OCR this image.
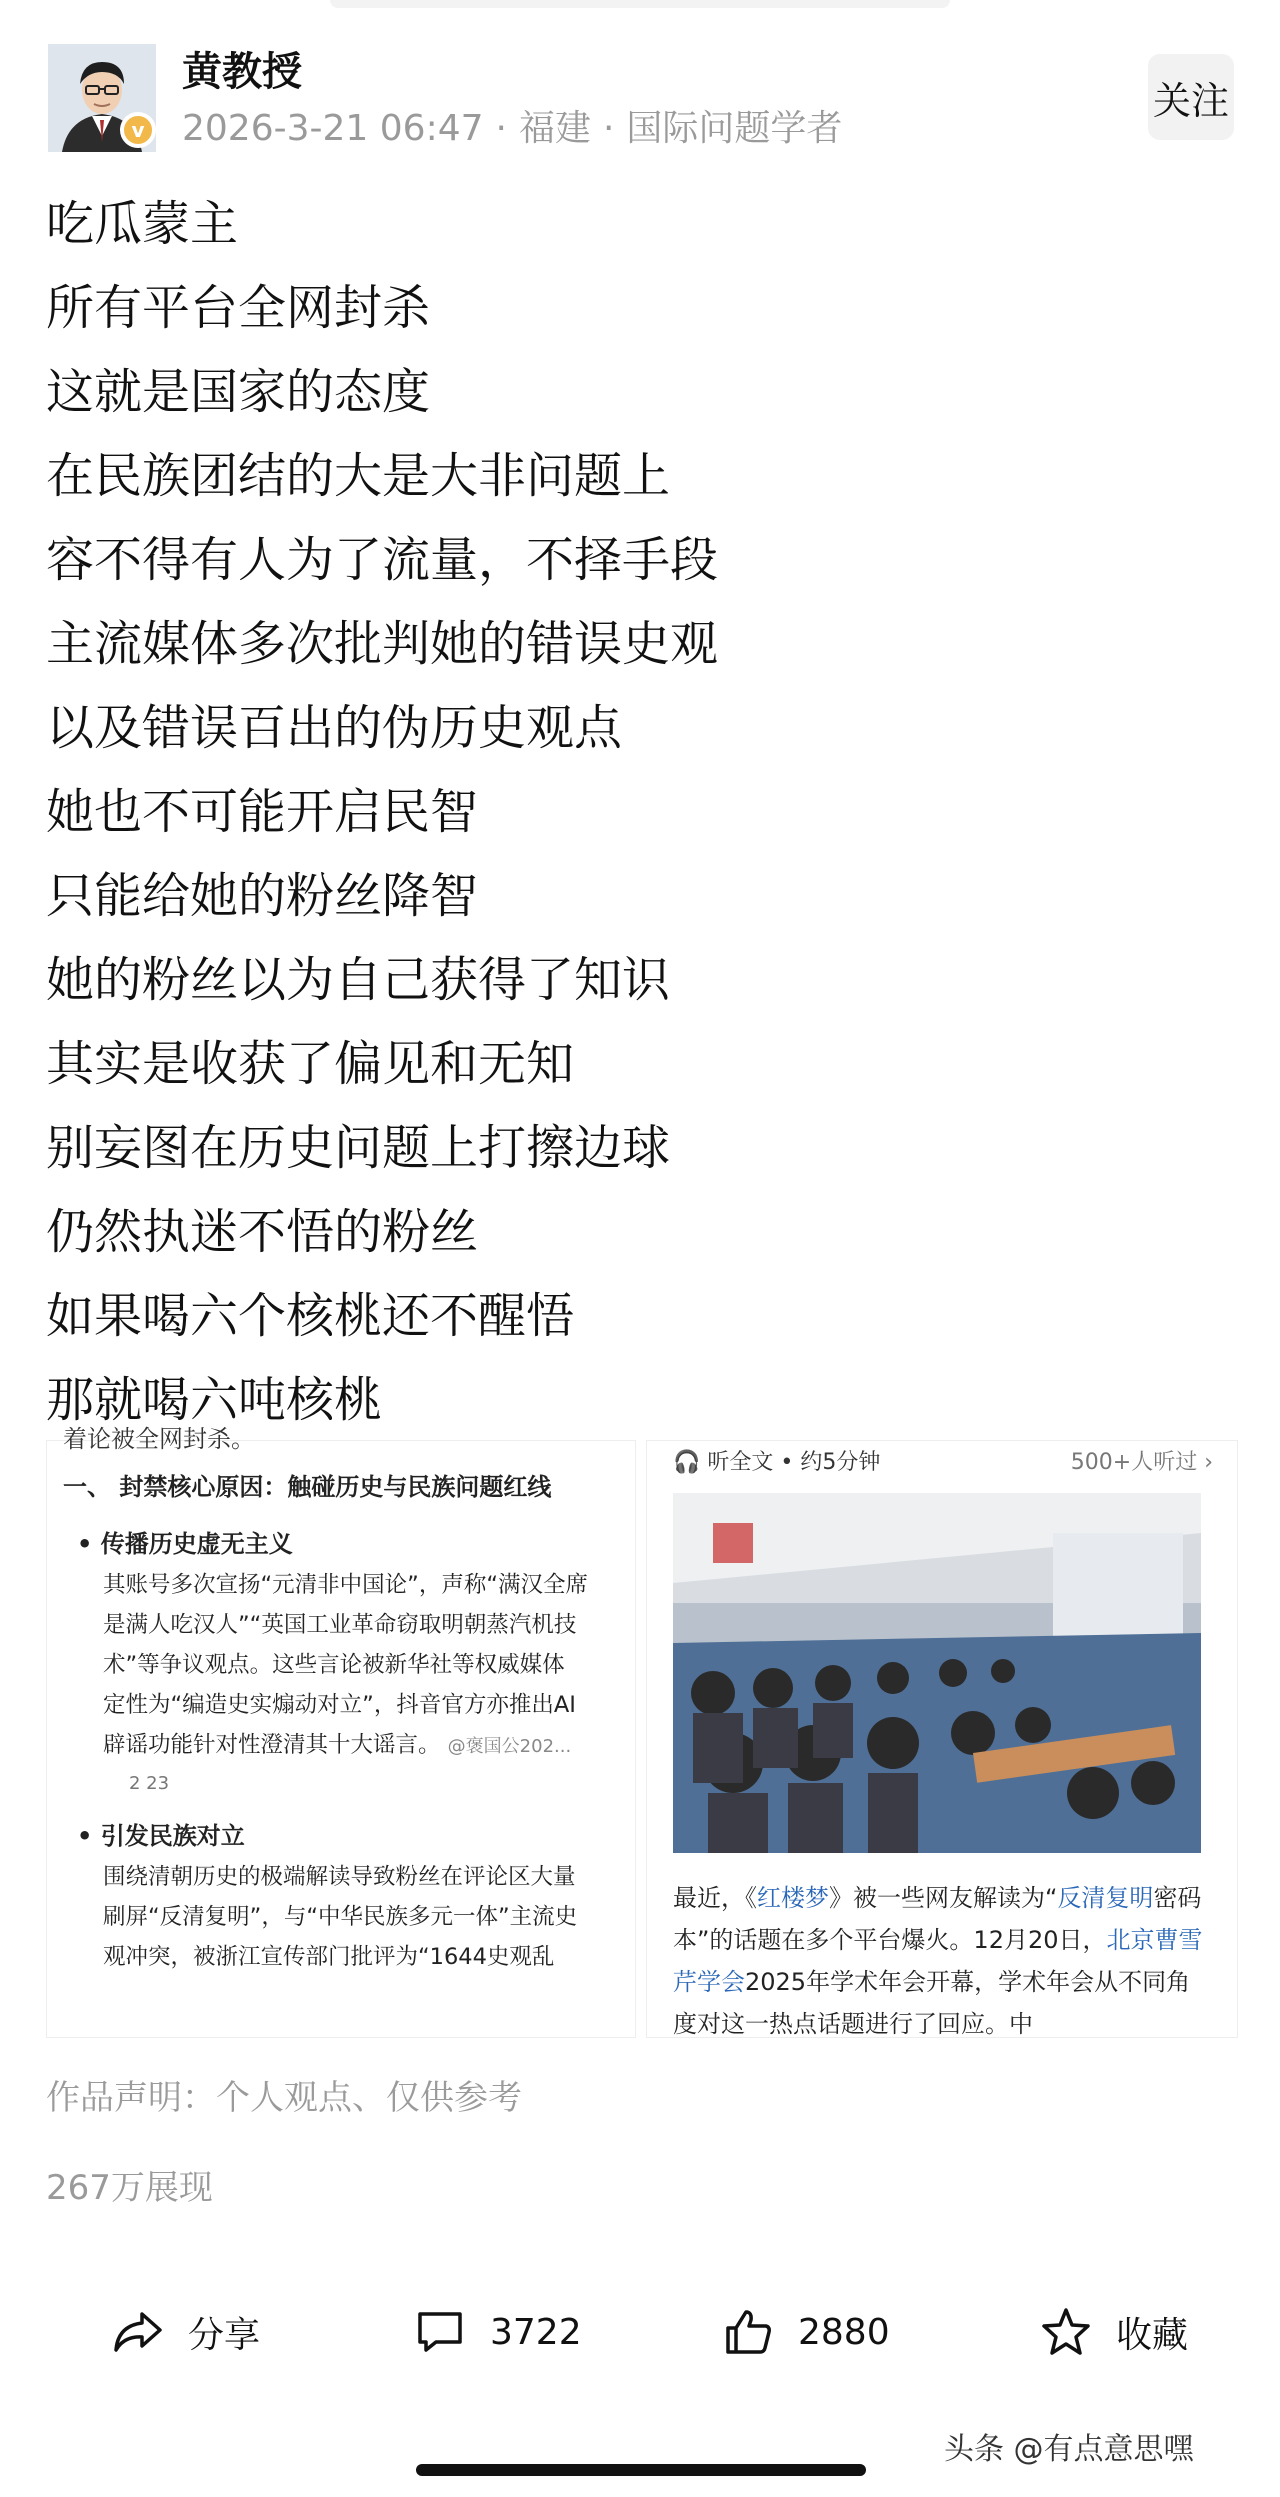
v
黄教授
2026-3-21 06:47 · 福建 · 国际问题学者
关注
吃瓜蒙主
所有平台全网封杀
这就是国家的态度
在民族团结的大是大非问题上
容不得有人为了流量，不择手段
主流媒体多次批判她的错误史观
以及错误百出的伪历史观点
她也不可能开启民智
只能给她的粉丝降智
她的粉丝以为自己获得了知识
其实是收获了偏见和无知
别妄图在历史问题上打擦边球
仍然执迷不悟的粉丝
如果喝六个核桃还不醒悟
那就喝六吨核桃
着论被全网封杀。
一、 封禁核心原因：触碰历史与民族问题红线
• 传播历史虚无主义
其账号多次宣扬“元清非中国论”，声称“满汉全席
是满人吃汉人”“英国工业革命窃取明朝蒸汽机技
术”等争议观点。这些言论被新华社等权威媒体
定性为“编造史实煽动对立”，抖音官方亦推出AI
辟谣功能针对性澄清其十大谣言。 @褒国公202...
2 23
• 引发民族对立
围绕清朝历史的极端解读导致粉丝在评论区大量
刷屏“反清复明”，与“中华民族多元一体”主流史
观冲突，被浙江宣传部门批评为“1644史观乱
🎧 听全文 • 约5分钟	500+人听过 ›
最近，《红楼梦》被一些网友解读为“反清复明密码本”的话题在多个平台爆火。12月20日，北京曹雪芹学会2025年学术年会开幕，学术年会从不同角度对这一热点话题进行了回应。中
作品声明：个人观点、仅供参考
267万展现
分享	3722	2880	收藏
头条 @有点意思嘿
